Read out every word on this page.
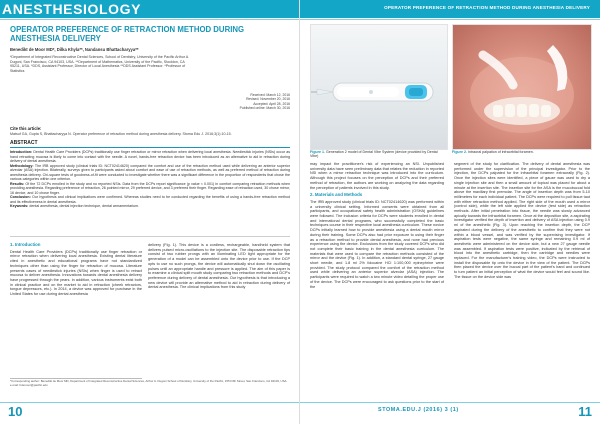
ANESTHESIOLOGY
OPERATOR PREFERENCE OF RETRACTION METHOD DURING ANESTHESIA DELIVERY
Benedikt de Moor MD*, Dilka Khyla**, Nandansu Bhattacharyya**
*Department of Integrated Reconstructive Dental Sciences, School of Dentistry, University of the Pacific Arthur A. Dugoni, San Francisco, CA 94103, USA. **Department of Mathematics, University of the Pacific, Stockton, CA 95211, USA. *DDS, Assistant Professor, Director of Local Anesthesia **DDS Assistant Professor. *Professor of Statistics
Received: March 12, 2016
Revised: November 20, 2016
Accepted: April 28, 2016
Published online: March 30, 2016
Cite this article:
Matsuf GA, Gupta S, Bhattacharyya N. Operator preference of retraction method during anesthesia delivery. Stoma Edu J. 2016;3(1):10-15.
ABSTRACT
Introduction: Dental Health Care Providers (DCPs) traditionally use finger retraction or mirror retraction when delivering local anesthesia. Needlestick injuries (NSIs) occur as hand retracting mucosa is likely to come into contact with the needle. A novel, hands-free retraction device has been introduced as an alternative to aid in retraction during delivery of dental anesthesia.
Methodology: The IRB approved study (clinical trials ID: NCT02414620) compared the comfort and use of the retraction method used while delivering an anterior superior alveolar (ASA) injection. Bilaterally, surveys given to participants asked about comfort and ease of use of retraction methods, as well as preferred method of retraction during anesthesia delivery. Chi-square tests of goodness-of-fit were conducted to investigate whether there was a significant difference in the proportion of respondents that chose the various categories within one criterion.
Results: Of the 72 DCPs enrolled in the study and no reported NSIs. Data from the DCPs report significance (p value < 0.001) in comfort comparing retraction methods when providing anesthesia. Regarding preference of retraction, 26 pointed mirror, 29 preferred device, and 3 preferred their finger. Regarding ease of retraction used, 30 chose mirror, 16 device, and 10 chose finger.
Conclusion: Our hypothesis and clinical implications were confirmed. Whereas studies need to be conducted regarding the benefits of using a hands-free retraction method and its effectiveness in dental anesthesia.
Keywords: dental anesthesia, dental injection technique, dental armamentarium.
1. Introduction
Dental Health Care Providers (DCPs) traditionally use finger retraction or mirror retraction when delivering local anesthesia. Existing dental literature cited in anesthetic and educational programs have not standardized techniques other than using the finger for retraction of mucosa. Literature presents cases of needlestick injuries (NSIs) when finger is used to retract mucosa to deliver anesthesia. Innovations towards dental anesthesia delivery have progressed through the years. In addition, various instruments exist both in clinical practice and on the market to aid in retraction (cheek retractors, tongue depressors, etc.). In 2014, a device was approved for purchase in the United States for use during dental anesthesia
delivery (Fig. 1). This device is a cordless, rechargeable, handheld system that delivers pulsed micro-oscillations to the injection site. The disposable retraction tips consist of two rubber prongs with an illuminating LED light appropriate for the generation of a model can be assembled onto the device prior to use. If the DCP opts to use no such prongs, the device will automatically shut down the oscillating pulses until an appropriate handle and pressure is applied. The aim of this paper is to examine a clinical split mouth study comparing two retraction methods and DCP's preference during delivery of dental anesthesia. Our hypothesis is that introducing a new device will provide an alternative method to aid in retraction during delivery of dental anesthesia. The clinical implications from this study
*Corresponding author: Benedikt de Moor MD, Department of Integrated Reconstructive Dental Sciences, Arthur A. Dugoni School of Dentistry, University of the Pacific, 155 Fifth Street, San Francisco, CA 94103, USA. e-mail: bdemoor@pacific.edu
10
OPERATOR PREFERENCE OF RETRACTION METHOD DURING ANESTHESIA DELIVERY
Figure 1. Generation 2 model of Dental Vibe System (device provided by Dental Vibe)
Figure 2. Intraoral palpation of infraorbital foramen.
may impact the practitioner's risk of experiencing an NSI. Unpublished university data have seen preliminary data that relates the reduction in reported NSI when a mirror retraction technique was introduced into the curriculum. Although this project focuses on the perception of DCPs and their preferred method of retraction, the authors are working on analyzing the data regarding the perception of patients involved in this study.
2. Materials and Methods
The IRB approved study (clinical trials ID: NCT02414620) was performed within a university clinical setting. Informed consents were obtained from all participants, and occupational safety health administration (OSHA) guidelines were followed. The inclusion criteria for DCPs were students enrolled in dental and international dental programs, who successfully completed the basic techniques course in their respective local anesthesia curriculum. These novice DCPs initially learned how to provide anesthesia using a dental mouth mirror during their training. Some DCPs also had prior exposure to using their finger as a retraction method to provide dental anesthesia, and none had previous experience using the device. Exclusions from the study covered DCPs who did not complete their basic training in the dental anesthesia curriculum. The materials that were used to compare the retraction methods consisted of the mirror and the device (Fig. 1). In addition, a standard dental syringe, 27 gauge short needle, and 1.8 ml 2% lidocaine HCl 1:100,000 epinephrine were provided. The study protocol compared the comfort of the retraction method used while delivering an anterior superior alveolar (ASA) injection. The participants were required to watch a two minute video detailing the proper use of the device. The DCPs were encouraged to ask questions prior to the start of the
segment of the study for clarification. The delivery of dental anesthesia was performed under the supervision of the principal investigator. Prior to the injection, the DCPs palpated for the infraorbital foramen extraorally (Fig. 2). Once the injection sites were identified, a piece of gauze was used to dry a single injection site and then a small amount of topical was placed for about a minute at the insertion site. The insertion site for the ASA is the mucobuccal fold above the maxillary first premolar. The angle of insertion depth was from 5-10 millimeters for each individual patient. The DCPs were required to pull tissue taut with either retraction method applied. The right side of the mouth used a mirror (control side), while the left side applied the device (test side) as retraction methods. After initial penetration into tissue, the needle was slowly advanced apically towards the infraorbital foramen. Once at the deposition site, a aspirating investigator verified the depth of insertion and delivery of ASA injection using 0.9 ml of the anesthetic (Fig. 3). Upon reaching the insertion depth, the DCP aspirated during the delivery of the anesthetic to confirm that they were not within a blood vessel, and was verified by the supervising investigator. If aspiration tests were negative, the same syringe and remaining 0.9 ml of anesthetic were administered on the device side, but a new 27 gauge needle was assembled. If aspiration tests were positive, indicated by the retrieval of blood into the anesthetic cartridge, then the cartridge and needles were replaced. For the manufacturer's training video, the DCPs were instructed to install the disposable tip onto the device in the view of the patient. The DCPs then placed the device over the buccal part of the patient's hand and continued to turn patient an initial perception of what the device would feel and sound like. The tissue on the device side was
STOMA.EDU.J (2016) 3 (1)	11
